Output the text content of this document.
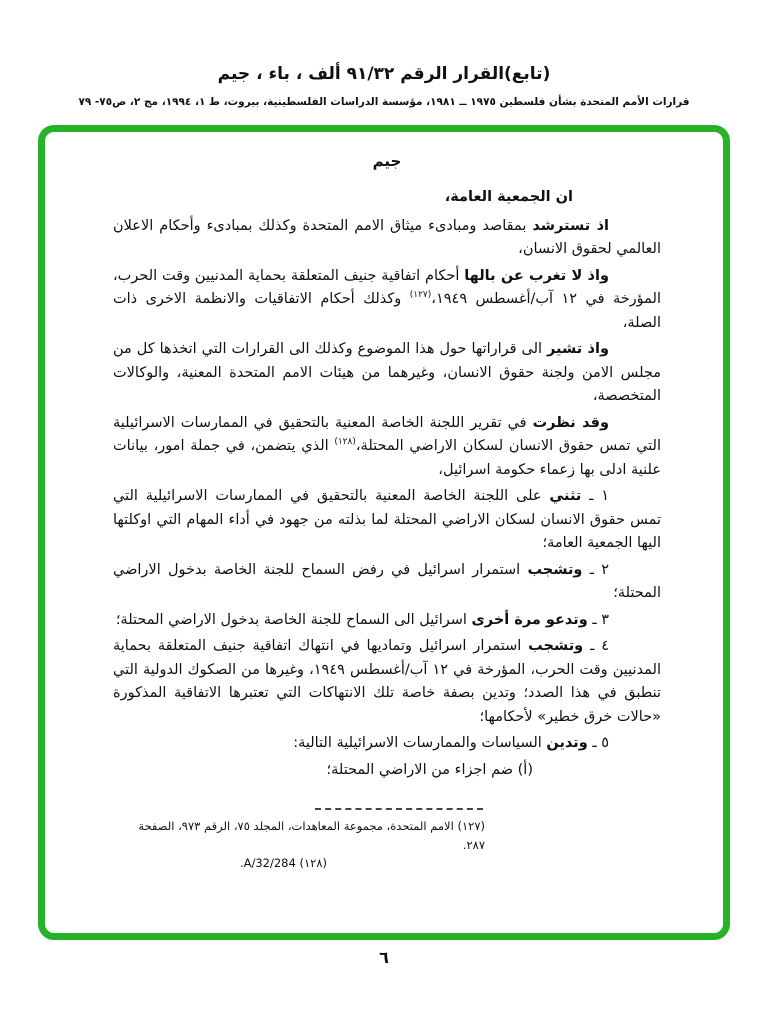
(تابع)القرار الرقم ٩١/٣٢ ألف ، باء ، جيم
قرارات الأمم المتحدة بشأن فلسطين ١٩٧٥ ــ ١٩٨١، مؤسسة الدراسات الفلسطينية، بيروت، ط ١، ١٩٩٤، مج ٢، ص٧٥- ٧٩
جيم

ان الجمعية العامة،

اذ تسترشد بمقاصد ومبادىء ميثاق الامم المتحدة وكذلك بمبادىء وأحكام الاعلان العالمي لحقوق الانسان،

واذ لا تغرب عن بالها أحكام اتفاقية جنيف المتعلقة بحماية المدنيين وقت الحرب، المؤرخة في ١٢ آب/أغسطس ١٩٤٩،$^{(١٢٧)}$ وكذلك أحكام الاتفاقيات والانظمة الاخرى ذات الصلة،

واذ تشير الى قراراتها حول هذا الموضوع وكذلك الى القرارات التي اتخذها كل من مجلس الامن ولجنة حقوق الانسان، وغيرهما من هيئات الامم المتحدة المعنية، والوكالات المتخصصة،

وقد نظرت في تقرير اللجنة الخاصة المعنية بالتحقيق في الممارسات الاسرائيلية التي تمس حقوق الانسان لسكان الاراضي المحتلة،$^{(١٢٨)}$ الذي يتضمن، في جملة امور، بيانات علنية ادلى بها زعماء حكومة اسرائيل،

١ ـ تثني على اللجنة الخاصة المعنية بالتحقيق في الممارسات الاسرائيلية التي تمس حقوق الانسان لسكان الاراضي المحتلة لما بذلته من جهود في أداء المهام التي اوكلتها اليها الجمعية العامة؛

٢ ـ وتشجب استمرار اسرائيل في رفض السماح للجنة الخاصة بدخول الاراضي المحتلة؛

٣ ـ وتدعو مرة أخرى اسرائيل الى السماح للجنة الخاصة بدخول الاراضي المحتلة؛

٤ ـ وتشجب استمرار اسرائيل وتماديها في انتهاك اتفاقية جنيف المتعلقة بحماية المدنيين وقت الحرب، المؤرخة في ١٢ آب/أغسطس ١٩٤٩، وغيرها من الصكوك الدولية التي تنطبق في هذا الصدد؛ وتدين بصفة خاصة تلك الانتهاكات التي تعتبرها الاتفاقية المذكورة «حالات خرق خطير» لأحكامها؛

٥ ـ وتدين السياسات والممارسات الاسرائيلية التالية:

(أ) ضم اجزاء من الاراضي المحتلة؛

(١٢٧) الامم المتحدة، مجموعة المعاهدات، المجلد ٧٥، الرقم ٩٧٣، الصفحة ٢٨٧.
(١٢٨) A/32/284.
٦
